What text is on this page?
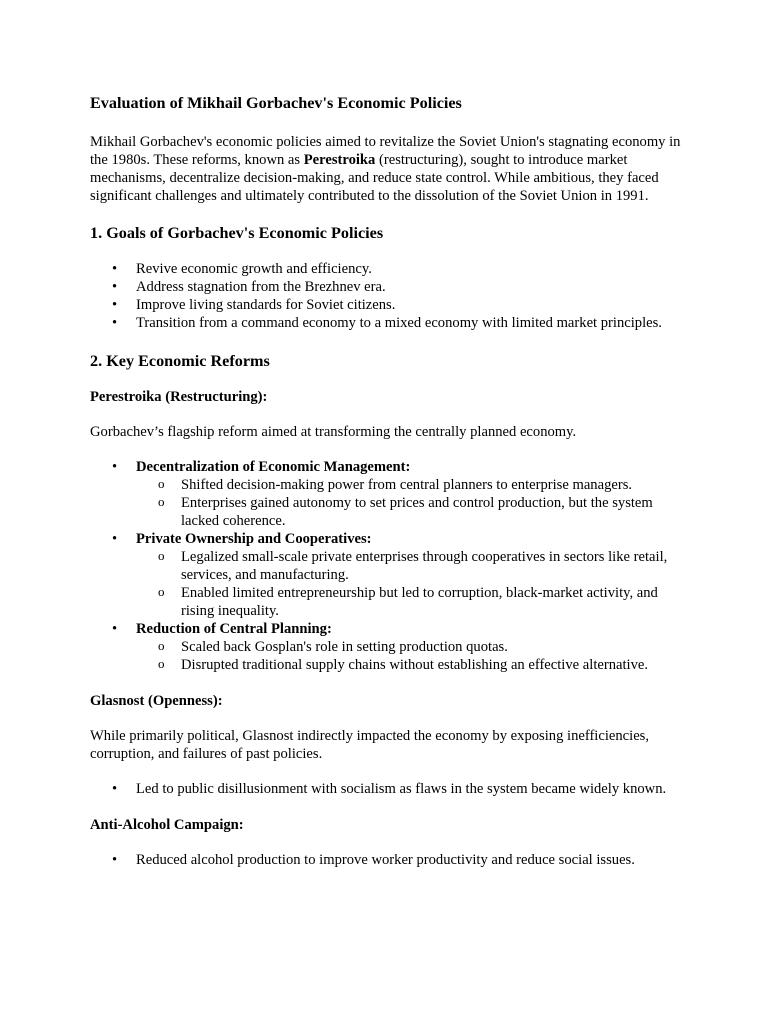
Evaluation of Mikhail Gorbachev's Economic Policies

Mikhail Gorbachev's economic policies aimed to revitalize the Soviet Union's stagnating economy in the 1980s. These reforms, known as Perestroika (restructuring), sought to introduce market mechanisms, decentralize decision-making, and reduce state control. While ambitious, they faced significant challenges and ultimately contributed to the dissolution of the Soviet Union in 1991.

1. Goals of Gorbachev's Economic Policies
• Revive economic growth and efficiency.
• Address stagnation from the Brezhnev era.
• Improve living standards for Soviet citizens.
• Transition from a command economy to a mixed economy with limited market principles.
2. Key Economic Reforms

Perestroika (Restructuring):

Gorbachev’s flagship reform aimed at transforming the centrally planned economy.

• Decentralization of Economic Management:
o Shifted decision-making power from central planners to enterprise managers.
o Enterprises gained autonomy to set prices and control production, but the system lacked coherence.
• Private Ownership and Cooperatives:
o Legalized small-scale private enterprises through cooperatives in sectors like retail, services, and manufacturing.
o Enabled limited entrepreneurship but led to corruption, black-market activity, and rising inequality.
• Reduction of Central Planning:
o Scaled back Gosplan's role in setting production quotas.
o Disrupted traditional supply chains without establishing an effective alternative.

Glasnost (Openness):

While primarily political, Glasnost indirectly impacted the economy by exposing inefficiencies, corruption, and failures of past policies.

• Led to public disillusionment with socialism as flaws in the system became widely known.

Anti-Alcohol Campaign:

• Reduced alcohol production to improve worker productivity and reduce social issues.
